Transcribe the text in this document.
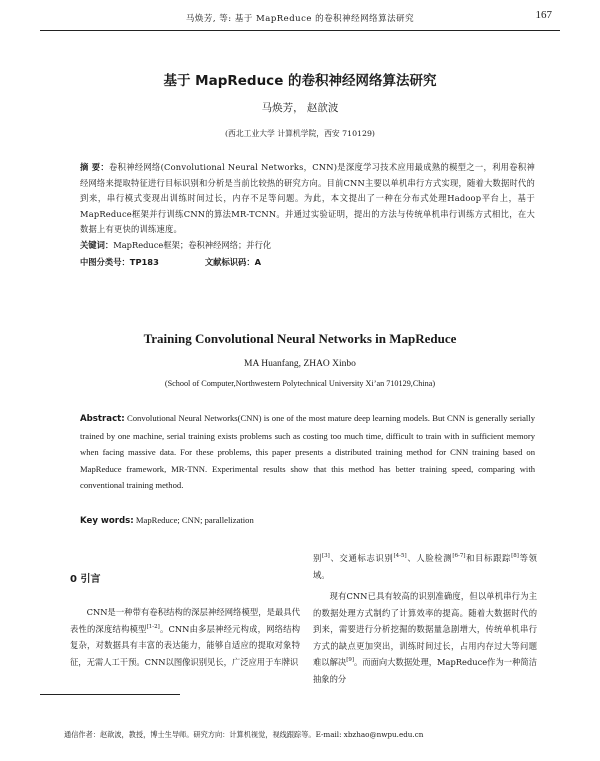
马焕芳, 等: 基于 MapReduce 的卷积神经网络算法研究	167
基于 MapReduce 的卷积神经网络算法研究
马焕芳， 赵歆波
(西北工业大学 计算机学院，西安 710129)
摘 要：卷积神经网络(Convolutional Neural Networks，CNN)是深度学习技术应用最成熟的模型之一，利用卷积神经网络来提取特征进行目标识别和分析是当前比较热的研究方向。目前CNN主要以单机串行方式实现，随着大数据时代的到来，串行模式变现出训练时间过长，内存不足等问题。为此，本文提出了一种在分布式处理Hadoop平台上，基于MapReduce框架并行训练CNN的算法MR-TCNN。并通过实验证明，提出的方法与传统单机串行训练方式相比，在大数据上有更快的训练速度。
关键词：MapReduce框架；卷积神经网络；并行化
中图分类号：TP183	文献标识码：A
Training Convolutional Neural Networks in MapReduce
MA Huanfang, ZHAO Xinbo
(School of Computer,Northwestern Polytechnical University Xi’an 710129,China)
Abstract: Convolutional Neural Networks(CNN) is one of the most mature deep learning models. But CNN is generally serially trained by one machine, serial training exists problems such as costing too much time, difficult to train with in sufficient memory when facing massive data. For these problems, this paper presents a distributed training method for CNN training based on MapReduce framework, MR-TNN. Experimental results show that this method has better training speed, comparing with conventional training method.
Key words: MapReduce; CNN; parallelization
0 引言
CNN是一种带有卷积结构的深层神经网络模型，是最具代表性的深度结构模型[1-2]。CNN由多层神经元构成，网络结构复杂，对数据具有丰富的表达能力，能够自适应的提取对象特征，无需人工干预。CNN以图像识别见长，广泛应用于车牌识
别[3]、交通标志识别[4-5]、人脸检测[6-7]和目标跟踪[8]等领域。
现有CNN已具有较高的识别准确度，但以单机串行为主的数据处理方式制约了计算效率的提高。随着大数据时代的到来，需要进行分析挖掘的数据量急剧增大，传统单机串行方式的缺点更加突出，训练时间过长，占用内存过大等问题难以解决[9]。而面向大数据处理，MapReduce作为一种简洁抽象的分
通信作者：赵歆波，教授，博士生导师。研究方向：计算机视觉，视线跟踪等。E-mail: xbzhao@nwpu.edu.cn
